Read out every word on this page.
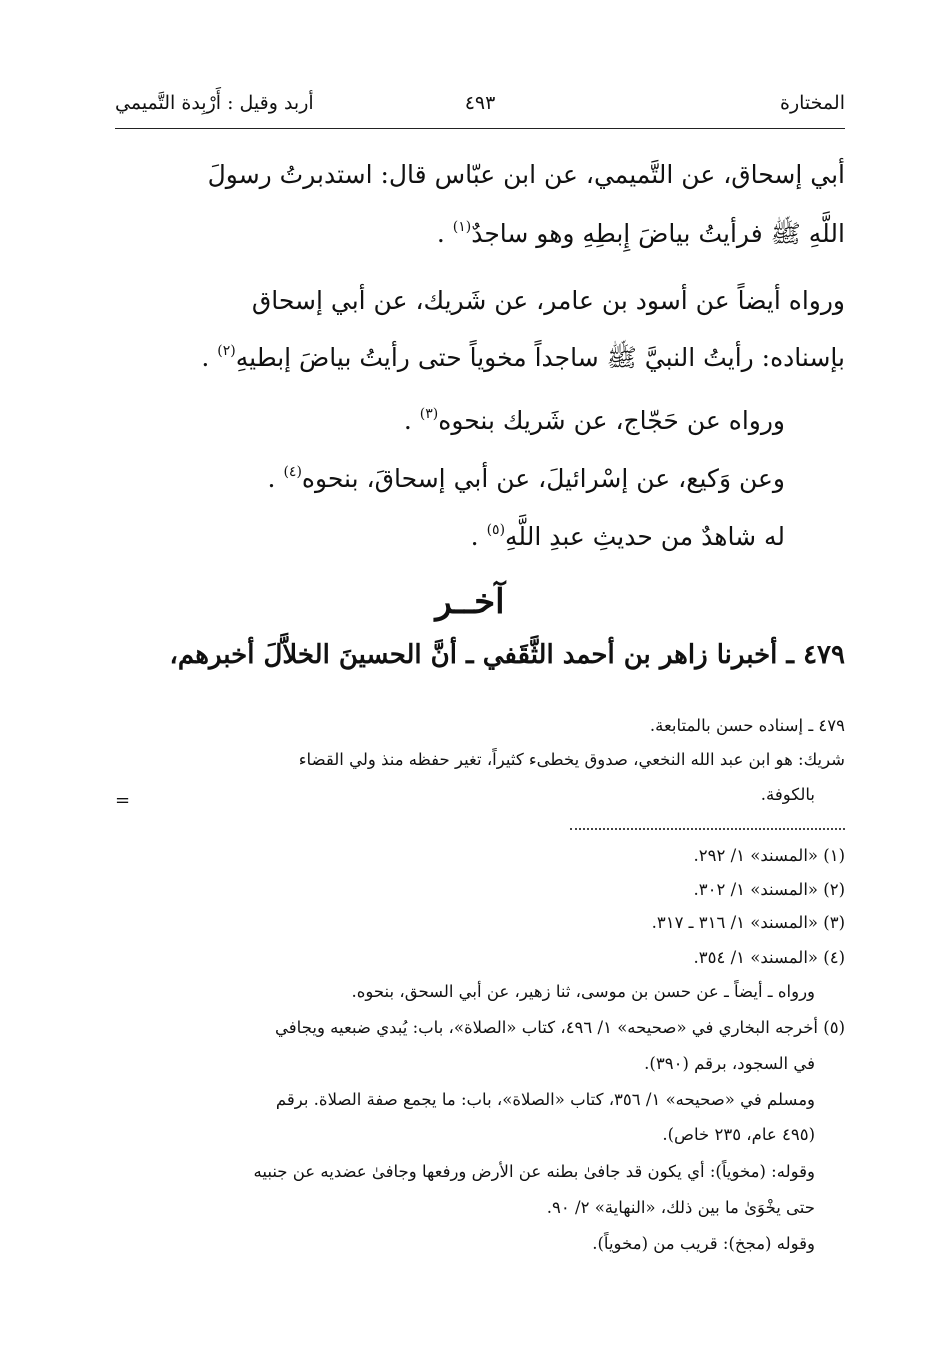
المختارة
٤٩٣
أربد وقيل : أَرْبِدة التَّميمي
أبي إسحاق، عن التَّميمي، عن ابن عبّاس قال: استدبرتُ رسولَ
اللَّهِ ﷺ فرأيتُ بياضَ إِبطِهِ وهو ساجدٌ$^{(١)}$ .
ورواه أيضاً عن أسود بن عامر، عن شَريك، عن أبي إسحاق
بإسناده: رأيتُ النبيَّ ﷺ ساجداً مخوياً حتى رأيتُ بياضَ إبطيهِ$^{(٢)}$ .
ورواه عن حَجّاج، عن شَريك بنحوه$^{(٣)}$ .
وعن وَكيع، عن إسْرائيلَ، عن أبي إسحاقَ، بنحوه$^{(٤)}$ .
له شاهدٌ من حديثِ عبدِ اللَّهِ$^{(٥)}$ .
آخــر
٤٧٩ ـ أخبرنا زاهر بن أحمد الثَّقَفي ـ أنَّ الحسينَ الخلاَّلَ أخبرهم،
٤٧٩ ـ إسناده حسن بالمتابعة.
شريك: هو ابن عبد الله النخعي، صدوق يخطىء كثيراً، تغير حفظه منذ ولي القضاء
بالكوفة.
=
(١) «المسند» ١/ ٢٩٢.
(٢) «المسند» ١/ ٣٠٢.
(٣) «المسند» ١/ ٣١٦ ـ ٣١٧.
(٤) «المسند» ١/ ٣٥٤.
ورواه ـ أيضاً ـ عن حسن بن موسى، ثنا زهير، عن أبي السحق، بنحوه.
(٥) أخرجه البخاري في «صحيحه» ١/ ٤٩٦، كتاب «الصلاة»، باب: يُبدي ضبعيه ويجافي
في السجود، برقم (٣٩٠).
ومسلم في «صحيحه» ١/ ٣٥٦، كتاب «الصلاة»، باب: ما يجمع صفة الصلاة. برقم
(٤٩٥ عام، ٢٣٥ خاص).
وقوله: (مخوياً): أي يكون قد جافىٰ بطنه عن الأرض ورفعها وجافىٰ عضديه عن جنبيه
حتى يخْوَىٰ ما بين ذلك، «النهاية» ٢/ ٩٠.
وقوله (مجخ): قريب من (مخوياً).
